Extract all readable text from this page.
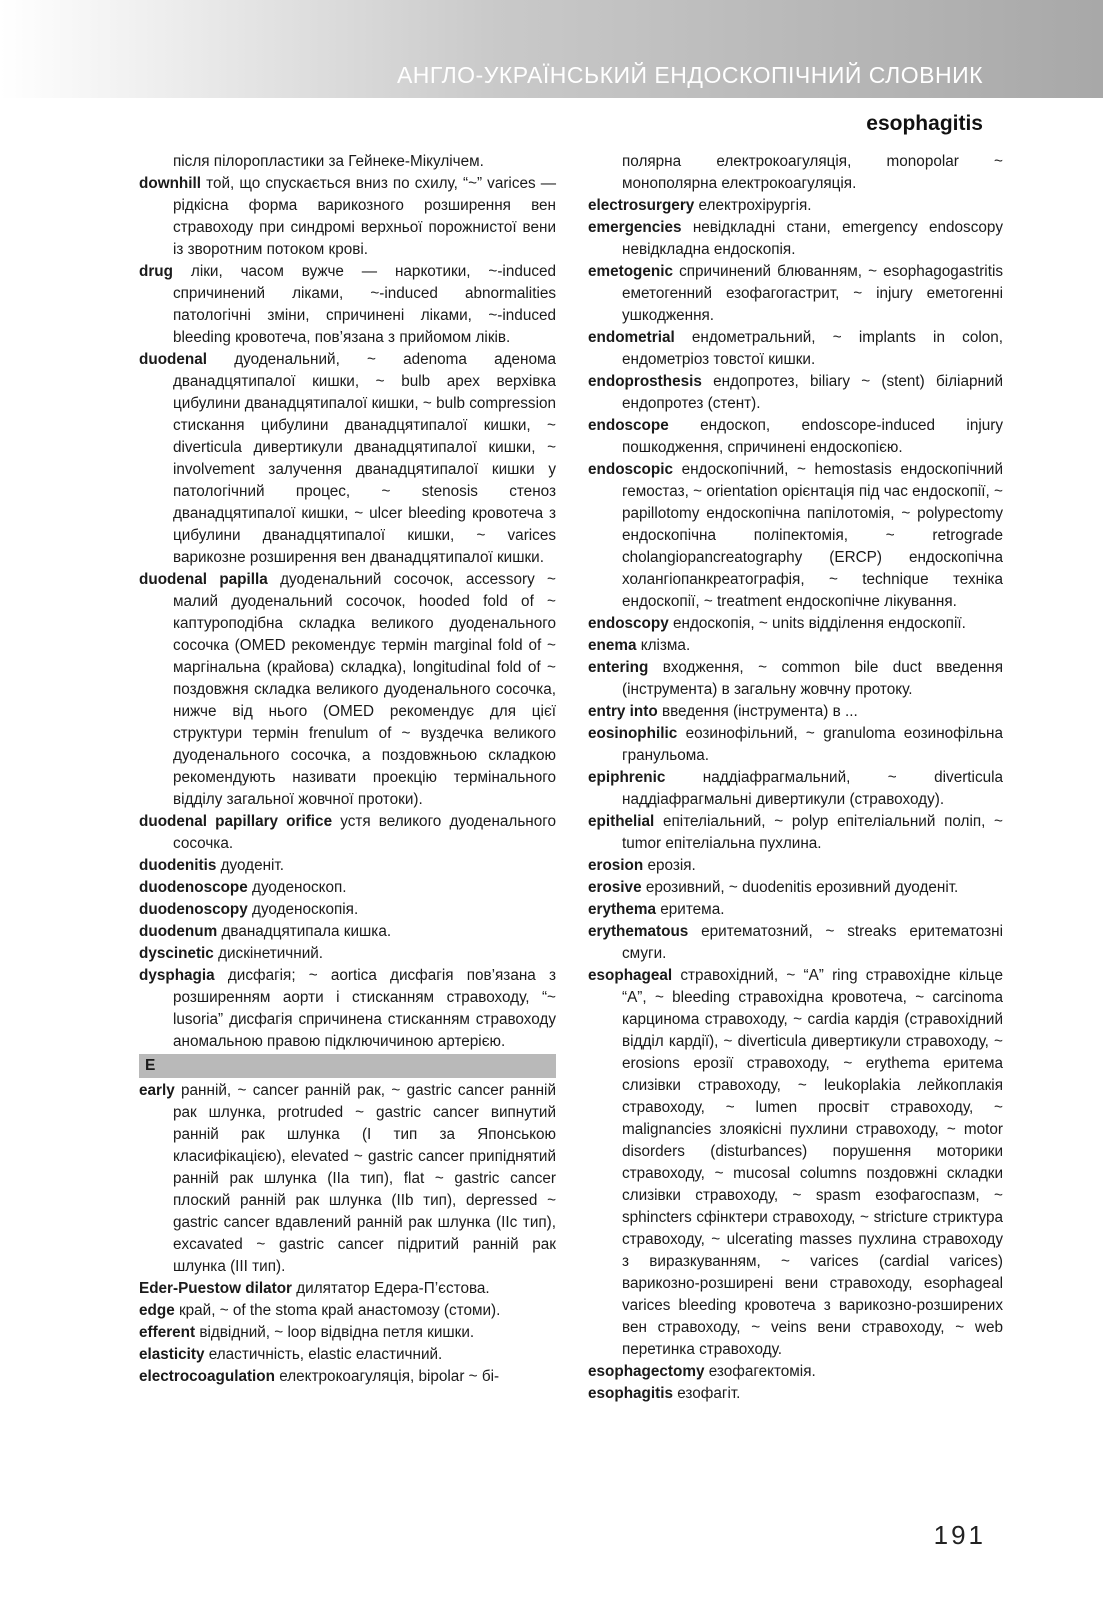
АНГЛО-УКРАЇНСЬКИЙ ЕНДОСКОПІЧНИЙ СЛОВНИК
esophagitis

після пілоропластики за Гейнеке-Мікулічем.

downhill той, що спускається вниз по схилу, “~” varices — рідкісна форма варикозного розширення вен стравоходу при синдромі верхньої порожнистої вени із зворотним потоком крові.

drug ліки, часом вужче — наркотики, ~-induced спричинений ліками, ~-induced abnormalities патологічні зміни, спричинені ліками, ~-induced bleeding кровотеча, пов’язана з прийомом ліків.

duodenal дуоденальний, ~ adenoma аденома дванадцятипалої кишки, ~ bulb apex верхівка цибулини дванадцятипалої кишки, ~ bulb compression стискання цибулини дванадцятипалої кишки, ~ diverticula дивертикули дванадцятипалої кишки, ~ involvement залучення дванадцятипалої кишки у патологічний процес, ~ stenosis стеноз дванадцятипалої кишки, ~ ulcer bleeding кровотеча з цибулини дванадцятипалої кишки, ~ varices варикозне розширення вен дванадцятипалої кишки.

duodenal papilla дуоденальний сосочок, accessory ~ малий дуоденальний сосочок, hooded fold of ~ каптуроподібна складка великого дуоденального сосочка (OMED рекомендує термін marginal fold of ~ маргінальна (крайова) складка), longitudinal fold of ~ поздовжня складка великого дуоденального сосочка, нижче від нього (OMED рекомендує для цієї структури термін frenulum of ~ вуздечка великого дуоденального сосочка, а поздовжньою складкою рекомендують називати проекцію термінального відділу загальної жовчної протоки).

duodenal papillary orifice устя великого дуоденального сосочка.

duodenitis дуоденіт.

duodenoscope дуоденоскоп.

duodenoscopy дуоденоскопія.

duodenum дванадцятипала кишка.

dyscinetic дискінетичний.

dysphagia дисфагія; ~ aortica дисфагія пов’язана з розширенням аорти і стисканням стравоходу, “~ lusoria” дисфагія спричинена стисканням стравоходу аномальною правою підключичиною артерією.

E

early ранній, ~ cancer ранній рак, ~ gastric cancer ранній рак шлунка, protruded ~ gastric cancer випнутий ранній рак шлунка (I тип за Японською класифікацією), elevated ~ gastric cancer припіднятий ранній рак шлунка (IIa тип), flat ~ gastric cancer плоский ранній рак шлунка (IIb тип), depressed ~ gastric cancer вдавлений ранній рак шлунка (IIc тип), excavated ~ gastric cancer підритий ранній рак шлунка (III тип).

Eder-Puestow dilator дилятатор Едера-П’єстова.

edge край, ~ of the stoma край анастомозу (стоми).

efferent відвідний, ~ loop відвідна петля кишки.

elasticity еластичність, elastic еластичний.

electrocoagulation електрокоагуляція, bipolar ~ бі-

полярна електрокоагуляція, monopolar ~ монополярна електрокоагуляція.

electrosurgery електрохірургія.

emergencies невідкладні стани, emergency endoscopy невідкладна ендоскопія.

emetogenic спричинений блюванням, ~ esophagogastritis еметогенний езофагогастрит, ~ injury еметогенні ушкодження.

endometrial ендометральний, ~ implants in colon, ендометріоз товстої кишки.

endoprosthesis ендопротез, biliary ~ (stent) біліарний ендопротез (стент).

endoscope ендоскоп, endoscope-induced injury пошкодження, спричинені ендоскопією.

endoscopic ендоскопічний, ~ hemostasis ендоскопічний гемостаз, ~ orientation орієнтація під час ендоскопії, ~ papillotomy ендоскопічна папілотомія, ~ polypectomy ендоскопічна поліпектомія, ~ retrograde cholangiopancreatography (ERCP) ендоскопічна холангіопанкреатографія, ~ technique техніка ендоскопії, ~ treatment ендоскопічне лікування.

endoscopy ендоскопія, ~ units відділення ендоскопії.

enema клізма.

entering входження, ~ common bile duct введення (інструмента) в загальну жовчну протоку.

entry into введення (інструмента) в ...

eosinophilic еозинофільний, ~ granuloma еозинофільна гранульома.

epiphrenic наддіафрагмальний, ~ diverticula наддіафрагмальні дивертикули (стравоходу).

epithelial епітеліальний, ~ polyp епітеліальний поліп, ~ tumor епітеліальна пухлина.

erosion ерозія.

erosive ерозивний, ~ duodenitis ерозивний дуоденіт.

erythema еритема.

erythematous еритематозний, ~ streaks еритематозні смуги.

esophageal стравохідний, ~ “A” ring стравохідне кільце “A”, ~ bleeding стравохідна кровотеча, ~ carcinoma карцинома стравоходу, ~ cardia кардія (стравохідний відділ кардії), ~ diverticula дивертикули стравоходу, ~ erosions ерозії стравоходу, ~ erythema еритема слизівки стравоходу, ~ leukoplakia лейкоплакія стравоходу, ~ lumen просвіт стравоходу, ~ malignancies злоякісні пухлини стравоходу, ~ motor disorders (disturbances) порушення моторики стравоходу, ~ mucosal columns поздовжні складки слизівки стравоходу, ~ spasm езофагоспазм, ~ sphincters сфінктери стравоходу, ~ stricture стриктура стравоходу, ~ ulcerating masses пухлина стравоходу з виразкуванням, ~ varices (cardial varices) варикозно-розширені вени стравоходу, esophageal varices bleeding кровотеча з варикозно-розширених вен стравоходу, ~ veins вени стравоходу, ~ web перетинка стравоходу.

esophagectomy езофагектомія.

esophagitis езофагіт.

191
